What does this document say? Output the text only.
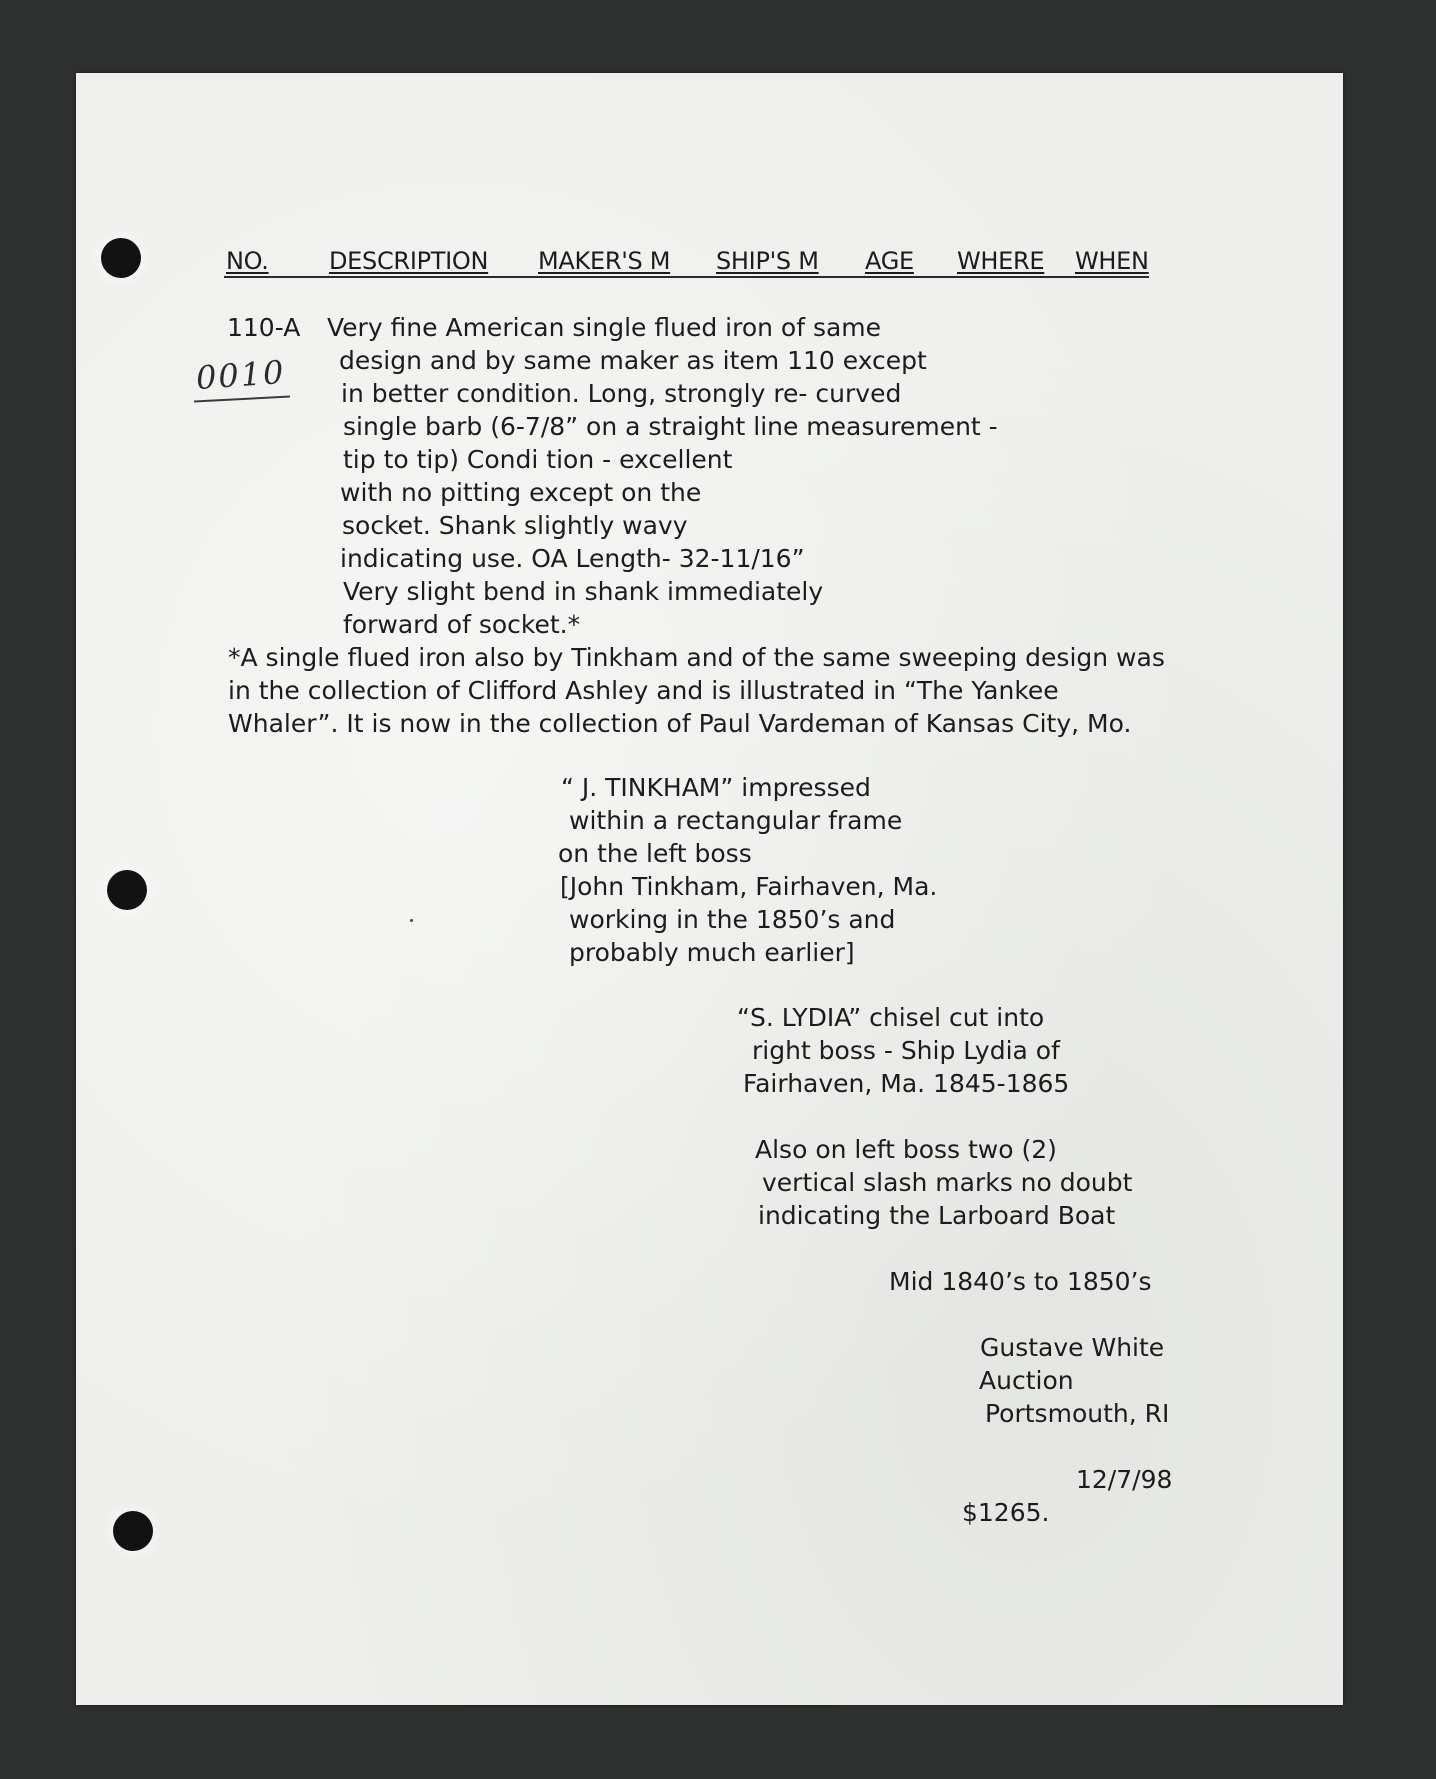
NO.	DESCRIPTION MAKER'S M SHIP'S M AGE WHERE WHEN
0010
110-A Very fine American single flued iron of same
design and by same maker as item 110 except
in better condition. Long, strongly re- curved
single barb (6-7/8” on a straight line measurement -
tip to tip) Condi tion - excellent
with no pitting except on the
socket. Shank slightly wavy
indicating use. OA Length- 32-11/16”
Very slight bend in shank immediately
forward of socket.*
*A single flued iron also by Tinkham and of the same sweeping design was
in the collection of Clifford Ashley and is illustrated in “The Yankee
Whaler”. It is now in the collection of Paul Vardeman of Kansas City, Mo.
“ J. TINKHAM” impressed
within a rectangular frame
on the left boss
[John Tinkham, Fairhaven, Ma.
working in the 1850’s and
probably much earlier]
“S. LYDIA” chisel cut into
right boss - Ship Lydia of
Fairhaven, Ma. 1845-1865
Also on left boss two (2)
vertical slash marks no doubt
indicating the Larboard Boat
Mid 1840’s to 1850’s
Gustave White
Auction
Portsmouth, RI
12/7/98
$1265.
